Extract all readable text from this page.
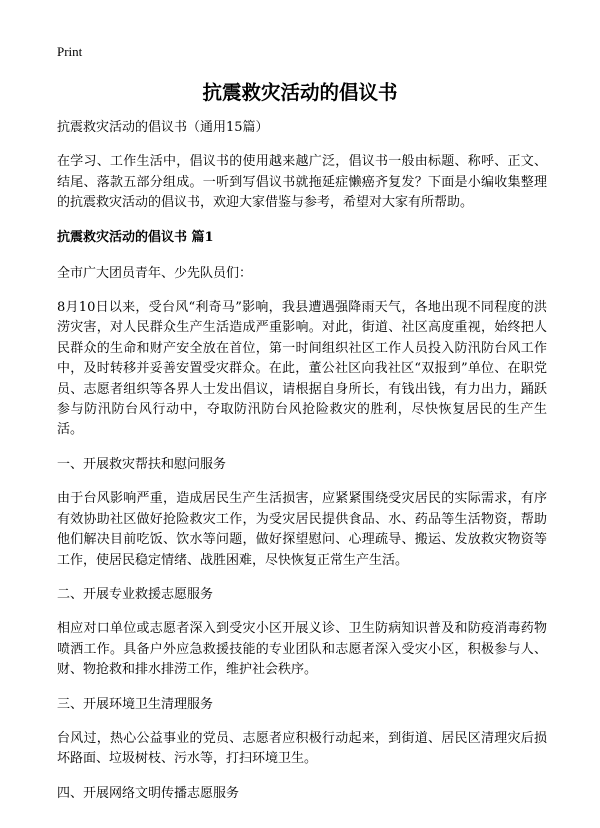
Print
抗震救灾活动的倡议书

抗震救灾活动的倡议书（通用15篇）

在学习、工作生活中，倡议书的使用越来越广泛，倡议书一般由标题、称呼、正文、结尾、落款五部分组成。一听到写倡议书就拖延症懒癌齐复发？下面是小编收集整理的抗震救灾活动的倡议书，欢迎大家借鉴与参考，希望对大家有所帮助。

抗震救灾活动的倡议书 篇1

全市广大团员青年、少先队员们：

8月10日以来，受台风“利奇马”影响，我县遭遇强降雨天气，各地出现不同程度的洪涝灾害，对人民群众生产生活造成严重影响。对此，街道、社区高度重视，始终把人民群众的生命和财产安全放在首位，第一时间组织社区工作人员投入防汛防台风工作中，及时转移并妥善安置受灾群众。在此，董公社区向我社区“双报到”单位、在职党员、志愿者组织等各界人士发出倡议，请根据自身所长，有钱出钱，有力出力，踊跃参与防汛防台风行动中，夺取防汛防台风抢险救灾的胜利，尽快恢复居民的生产生活。

一、开展救灾帮扶和慰问服务

由于台风影响严重，造成居民生产生活损害，应紧紧围绕受灾居民的实际需求，有序有效协助社区做好抢险救灾工作，为受灾居民提供食品、水、药品等生活物资，帮助他们解决目前吃饭、饮水等问题，做好探望慰问、心理疏导、搬运、发放救灾物资等工作，使居民稳定情绪、战胜困难，尽快恢复正常生产生活。

二、开展专业救援志愿服务

相应对口单位或志愿者深入到受灾小区开展义诊、卫生防病知识普及和防疫消毒药物喷洒工作。具备户外应急救援技能的专业团队和志愿者深入受灾小区，积极参与人、财、物抢救和排水排涝工作，维护社会秩序。

三、开展环境卫生清理服务

台风过，热心公益事业的党员、志愿者应积极行动起来，到街道、居民区清理灾后损坏路面、垃圾树枝、污水等，打扫环境卫生。

四、开展网络文明传播志愿服务
